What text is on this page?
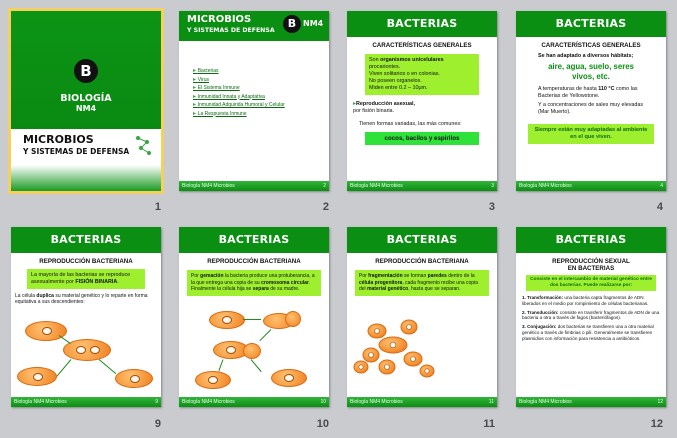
B
BIOLOGÍA
NM4
MICROBIOS
Y SISTEMAS DE DEFENSA
1
MICROBIOS
Y SISTEMAS DE DEFENSA
B NM4
▸ Bacterias
▸ Virus
▸ El Sistema Inmune
▸ Inmunidad Innata y Adaptativa
▸ Inmunidad Adquirida Humoral y Celular
▸ La Respuesta Inmune
Biología NM4 Microbios	2
2
BACTERIAS
CARACTERÍSTICAS GENERALES
Son organismos unicelulares
procariontes.
Viven solitarios o en colonias.
No poseen organelos.
Miden entre 0.2 – 10μm.
▸Reproducción asexual,
por fisión binaria.
Tienen formas variadas, las más comunes:
cocos, bacilos y espirilos
Biología NM4 Microbios	3
3
BACTERIAS
CARACTERÍSTICAS GENERALES
Se han adaptado a diversos hábitats;
aire, agua, suelo, seres vivos, etc.
A temperaturas de hasta 110 °C como las Bacterias de Yellowstone.
Y a concentraciones de sales muy elevadas (Mar Muerto).
Siempre están muy adaptadas al ambiente en el que viven.
Biología NM4 Microbios	4
4
BACTERIAS
REPRODUCCIÓN BACTERIANA
La mayoría de las bacterias se reproduce asexualmente por FISIÓN BINARIA.
La célula duplica su material genético y lo reparte en forma equitativa a sus descendientes:
Biología NM4 Microbios	9
9
BACTERIAS
REPRODUCCIÓN BACTERIANA
Por gemación la bacteria produce una protuberancia, a la que entrega una copia de su cromosoma circular. Finalmente la célula hija se separa de su madre.
Biología NM4 Microbios	10
10
BACTERIAS
REPRODUCCIÓN BACTERIANA
Por fragmentación se forman paredes dentro de la célula progenitora, cada fragmento recibe una copia del material genético, hasta que se separan.
Biología NM4 Microbios	11
11
BACTERIAS
REPRODUCCIÓN SEXUAL
EN BACTERIAS
Consiste en el intercambio de material genético entre dos bacterias. Puede realizarse por:
1. Transformación: una bacteria capta fragmentos de ADN liberados en el medio por rompimiento de células bacterianas.
2. Transducción: consiste en transferir fragmentos de ADN de una bacteria a otra a través de fagos (bacteriófagos).
3. Conjugación: dos bacterias se transfieren una a otra material genético a través de fimbrias o pili. Generalmente se transfieren plasmidios con información para resistencia a antibióticos.
Biología NM4 Microbios	12
12
